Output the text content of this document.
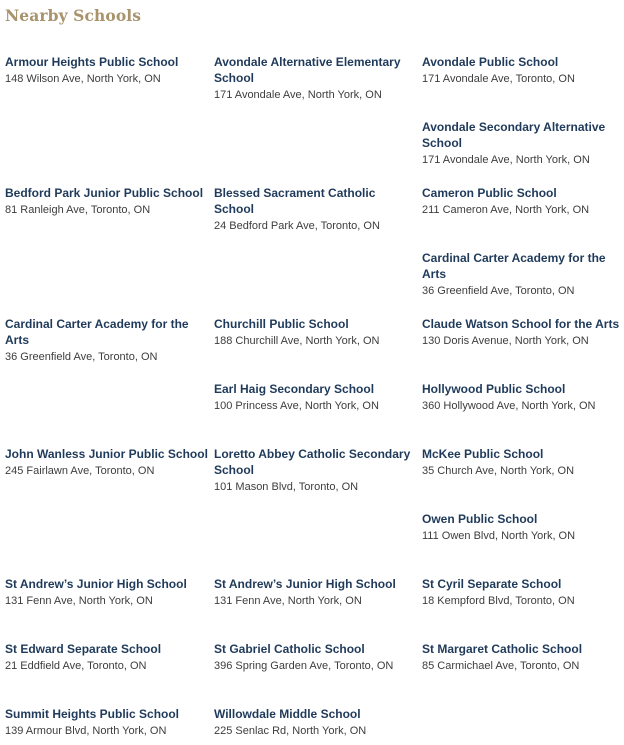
Nearby Schools
Armour Heights Public School
148 Wilson Ave, North York, ON
Avondale Alternative Elementary School
171 Avondale Ave, North York, ON
Avondale Public School
171 Avondale Ave, Toronto, ON
Avondale Secondary Alternative School
171 Avondale Ave, North York, ON
Bedford Park Junior Public School
81 Ranleigh Ave, Toronto, ON
Blessed Sacrament Catholic School
24 Bedford Park Ave, Toronto, ON
Cameron Public School
211 Cameron Ave, North York, ON
Cardinal Carter Academy for the Arts
36 Greenfield Ave, Toronto, ON
Cardinal Carter Academy for the Arts
36 Greenfield Ave, Toronto, ON
Churchill Public School
188 Churchill Ave, North York, ON
Claude Watson School for the Arts
130 Doris Avenue, North York, ON
Earl Haig Secondary School
100 Princess Ave, North York, ON
Hollywood Public School
360 Hollywood Ave, North York, ON
John Wanless Junior Public School
245 Fairlawn Ave, Toronto, ON
Loretto Abbey Catholic Secondary School
101 Mason Blvd, Toronto, ON
McKee Public School
35 Church Ave, North York, ON
Owen Public School
111 Owen Blvd, North York, ON
St Andrew’s Junior High School
131 Fenn Ave, North York, ON
St Andrew’s Junior High School
131 Fenn Ave, North York, ON
St Cyril Separate School
18 Kempford Blvd, Toronto, ON
St Edward Separate School
21 Eddfield Ave, Toronto, ON
St Gabriel Catholic School
396 Spring Garden Ave, Toronto, ON
St Margaret Catholic School
85 Carmichael Ave, Toronto, ON
Summit Heights Public School
139 Armour Blvd, North York, ON
Willowdale Middle School
225 Senlac Rd, North York, ON
